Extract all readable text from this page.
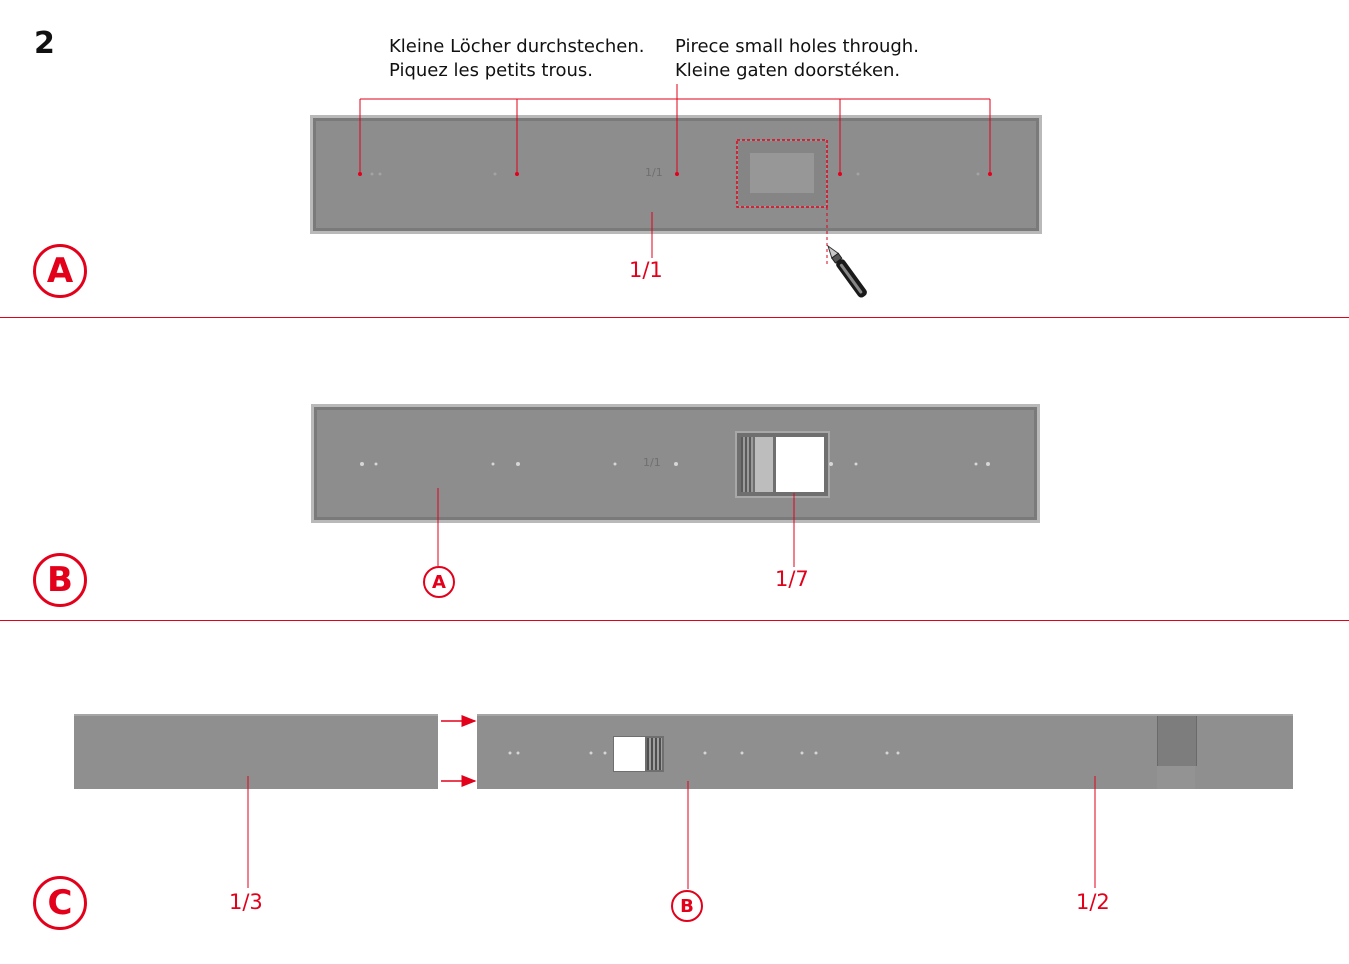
2	Kleine Löcher durchstechen.
Piquez les petits trous.
Pirece small holes through.
Kleine gaten doorstéken.
1/1
1/1
A
1/1
A	1/7
B
1/3	B	1/2
C
